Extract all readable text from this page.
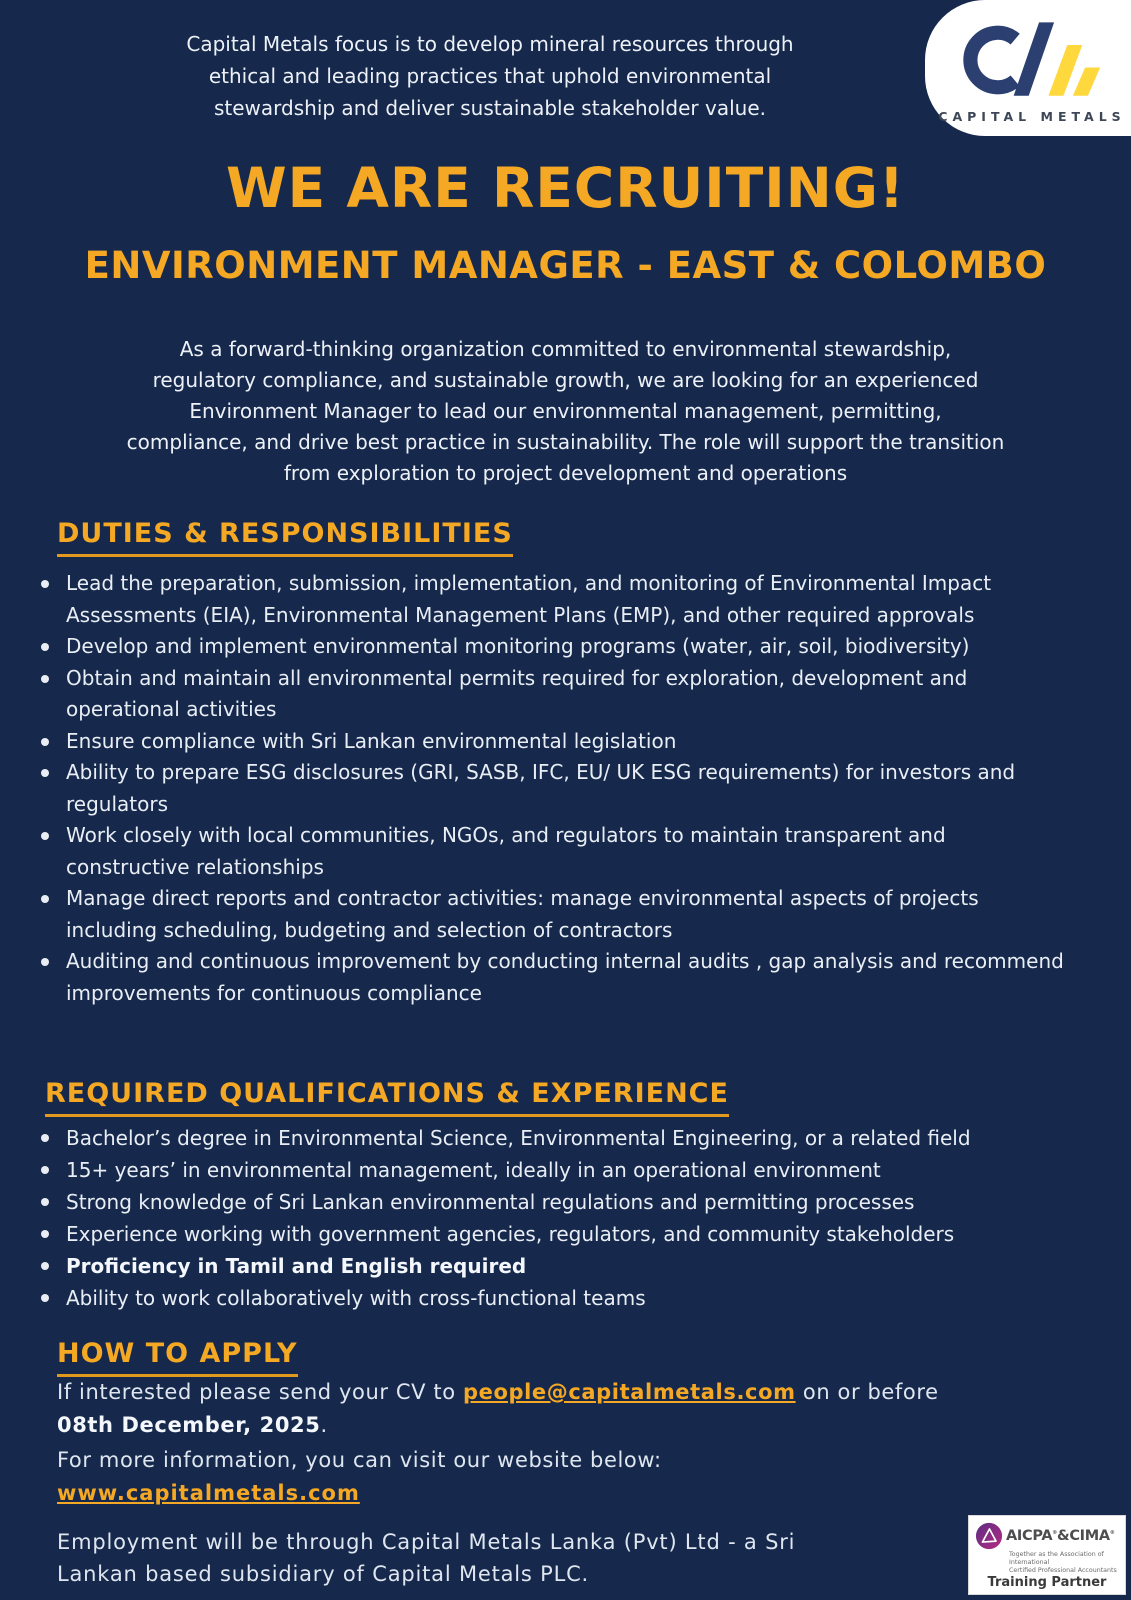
Capital Metals focus is to develop mineral resources through
ethical and leading practices that uphold environmental
stewardship and deliver sustainable stakeholder value.	CAPITAL METALS
WE ARE RECRUITING!
ENVIRONMENT MANAGER - EAST & COLOMBO
As a forward-thinking organization committed to environmental stewardship,
regulatory compliance, and sustainable growth, we are looking for an experienced
Environment Manager to lead our environmental management, permitting,
compliance, and drive best practice in sustainability. The role will support the transition
from exploration to project development and operations
DUTIES & RESPONSIBILITIES
Lead the preparation, submission, implementation, and monitoring of Environmental Impact Assessments (EIA), Environmental Management Plans (EMP), and other required approvals
Develop and implement environmental monitoring programs (water, air, soil, biodiversity)
Obtain and maintain all environmental permits required for exploration, development and operational activities
Ensure compliance with Sri Lankan environmental legislation
Ability to prepare ESG disclosures (GRI, SASB, IFC, EU/ UK ESG requirements) for investors and regulators
Work closely with local communities, NGOs, and regulators to maintain transparent and constructive relationships
Manage direct reports and contractor activities: manage environmental aspects of projects including scheduling, budgeting and selection of contractors
Auditing and continuous improvement by conducting internal audits , gap analysis and recommend improvements for continuous compliance
REQUIRED QUALIFICATIONS & EXPERIENCE
Bachelor’s degree in Environmental Science, Environmental Engineering, or a related field
15+ years’ in environmental management, ideally in an operational environment
Strong knowledge of Sri Lankan environmental regulations and permitting processes
Experience working with government agencies, regulators, and community stakeholders
Proficiency in Tamil and English required
Ability to work collaboratively with cross-functional teams
HOW TO APPLY
If interested please send your CV to people@capitalmetals.com on or before
08th December, 2025.

For more information, you can visit our website below:

www.capitalmetals.com

Employment will be through Capital Metals Lanka (Pvt) Ltd - a Sri Lankan based subsidiary of Capital Metals PLC.

AICPA®&CIMA®
Together as the Association of International
Certified Professional Accountants
Training Partner
